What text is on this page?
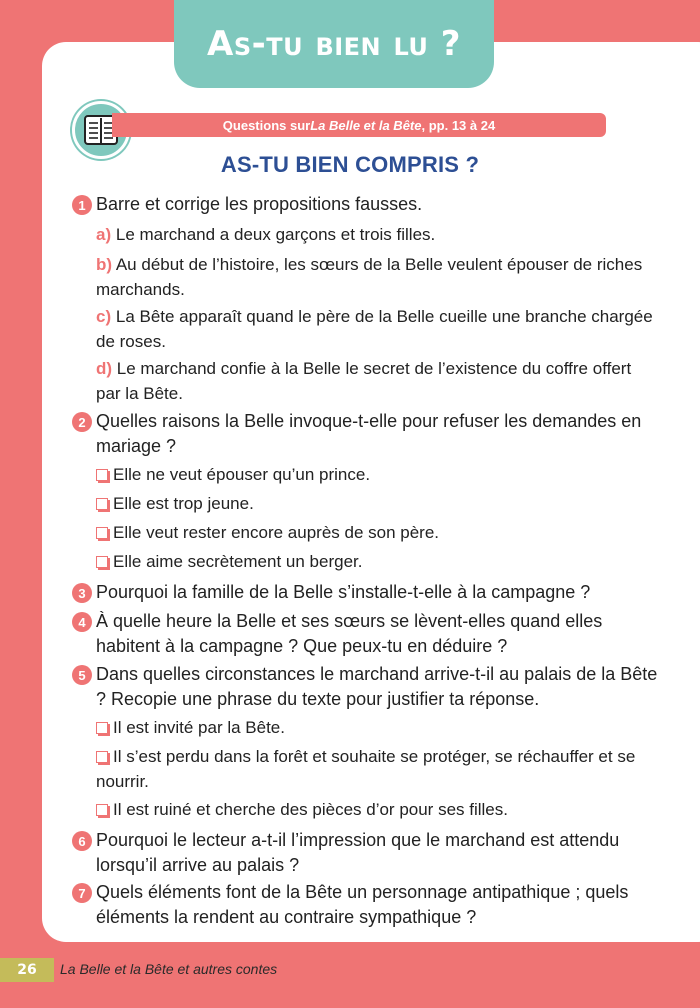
As-tu bien lu ?
Questions sur La Belle et la Bête , pp. 13 à 24
AS-TU BIEN COMPRIS ?
1 Barre et corrige les propositions fausses.
a) Le marchand a deux garçons et trois filles.
b) Au début de l’histoire, les sœurs de la Belle veulent épouser de riches marchands.
c) La Bête apparaît quand le père de la Belle cueille une branche chargée de roses.
d) Le marchand confie à la Belle le secret de l’existence du coffre offert par la Bête.
2 Quelles raisons la Belle invoque-t-elle pour refuser les demandes en mariage ?
Elle ne veut épouser qu’un prince.
Elle est trop jeune.
Elle veut rester encore auprès de son père.
Elle aime secrètement un berger.
3 Pourquoi la famille de la Belle s’installe-t-elle à la campagne ?
4 À quelle heure la Belle et ses sœurs se lèvent-elles quand elles habitent à la campagne ? Que peux-tu en déduire ?
5 Dans quelles circonstances le marchand arrive-t-il au palais de la Bête ? Recopie une phrase du texte pour justifier ta réponse.
Il est invité par la Bête.
Il s’est perdu dans la forêt et souhaite se protéger, se réchauffer et se nourrir.
Il est ruiné et cherche des pièces d’or pour ses filles.
6 Pourquoi le lecteur a-t-il l’impression que le marchand est attendu lorsqu’il arrive au palais ?
7 Quels éléments font de la Bête un personnage antipathique ; quels éléments la rendent au contraire sympathique ?
26	La Belle et la Bête et autres contes
